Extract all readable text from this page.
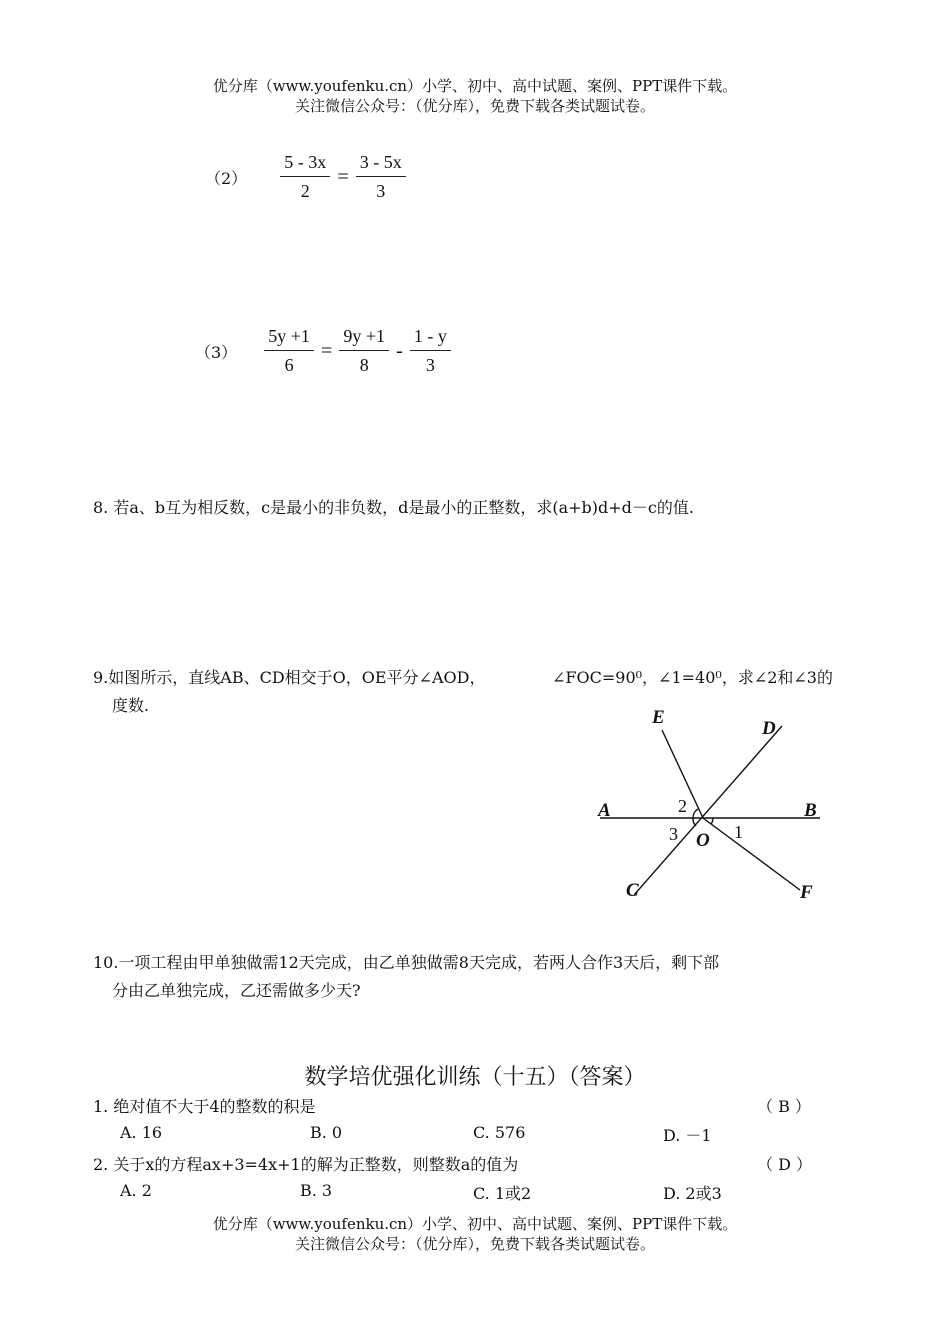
优分库（www.youfenku.cn）小学、初中、高中试题、案例、PPT课件下载。
关注微信公众号：（优分库），免费下载各类试题试卷。
$(2) \frac{5 - 3x}{2} = \frac{3 - 5x}{3}$
$(3) \frac{5y +1}{6} = \frac{9y +1}{8} - \frac{1 - y}{3}$
8. 若a、b互为相反数，c是最小的非负数，d是最小的正整数，求(a+b)d+d－c的值.
9.如图所示，直线AB、CD相交于O，OE平分∠AOD，	∠FOC=90⁰，∠1=40⁰，求∠2和∠3的
度数.
E
D
A	B
O
C	F
2
3	1
10.一项工程由甲单独做需12天完成，由乙单独做需8天完成，若两人合作3天后，剩下部
分由乙单独完成，乙还需做多少天?
数学培优强化训练（十五）（答案）
1. 绝对值不大于4的整数的积是	（ B ）
A. 16	B. 0	C. 576	D. －1
2. 关于x的方程ax+3=4x+1的解为正整数，则整数a的值为	（ D ）
A. 2	B. 3	C. 1或2	D. 2或3
优分库（www.youfenku.cn）小学、初中、高中试题、案例、PPT课件下载。
关注微信公众号：（优分库），免费下载各类试题试卷。
